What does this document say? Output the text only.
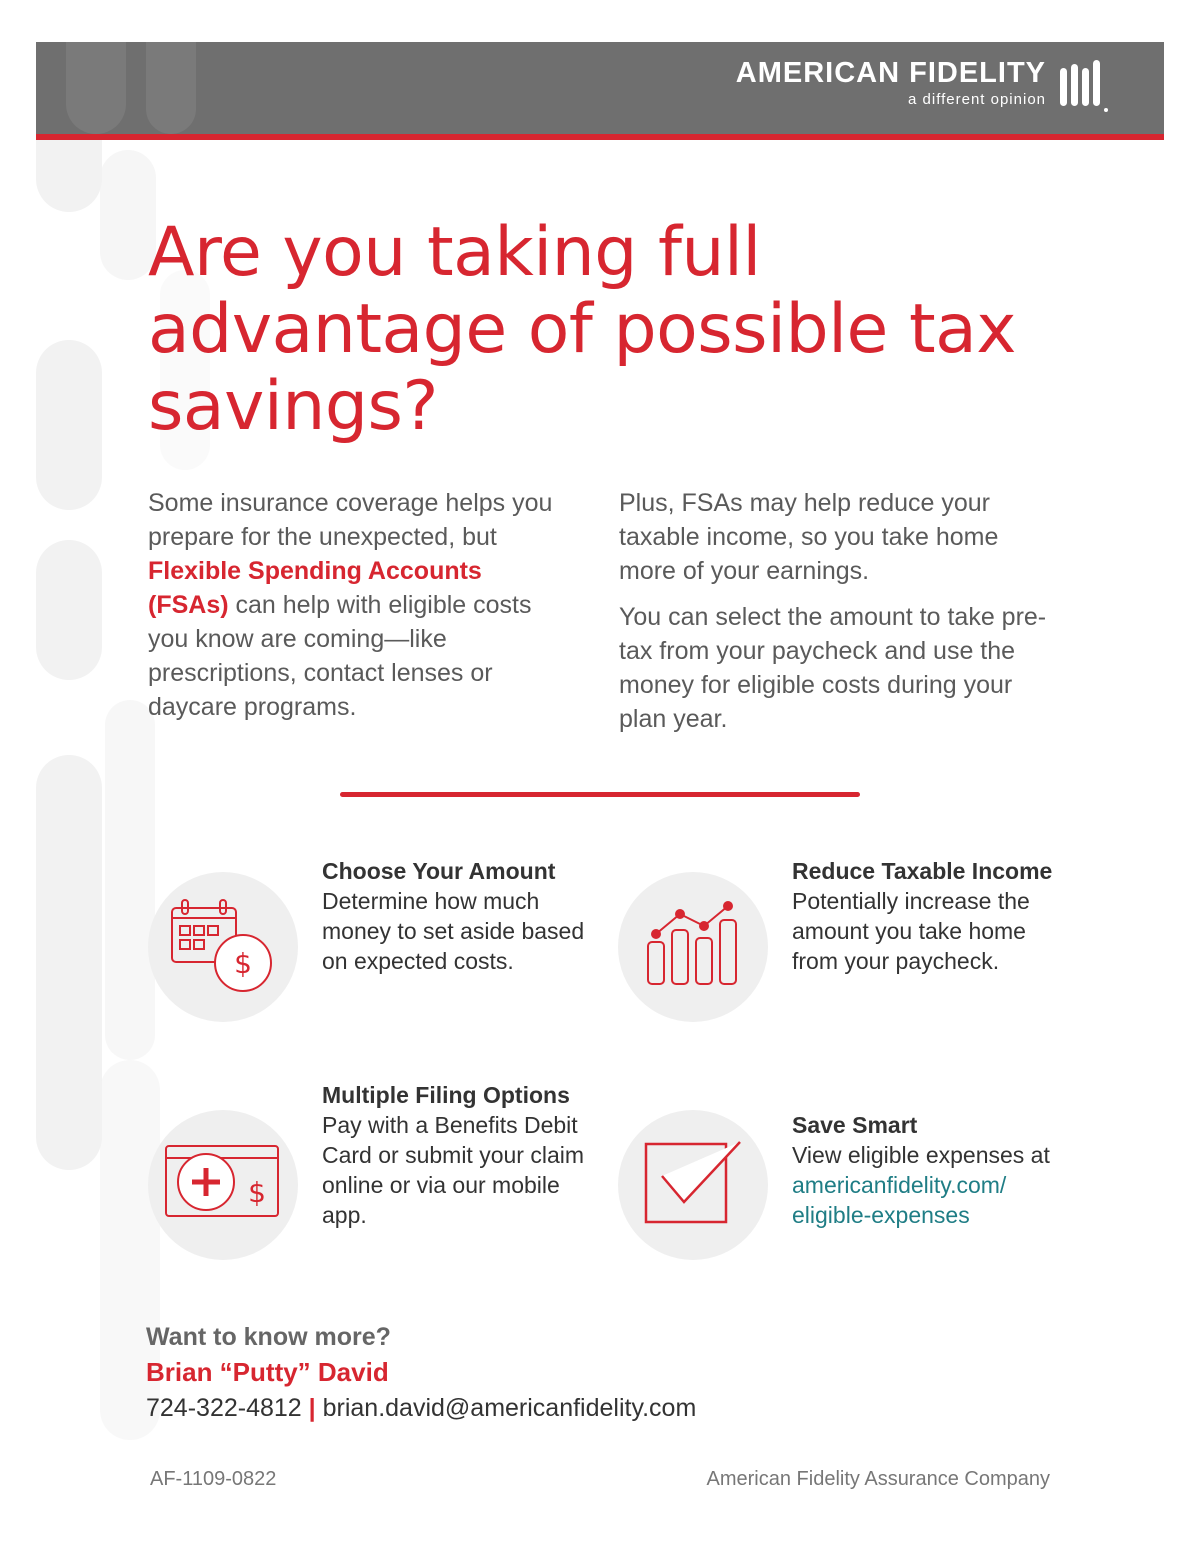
AMERICAN FIDELITY
a different opinion
Are you taking full advantage of possible tax savings?

Some insurance coverage helps you prepare for the unexpected, but Flexible Spending Accounts (FSAs) can help with eligible costs you know are coming—like prescriptions, contact lenses or daycare programs.

Plus, FSAs may help reduce your taxable income, so you take home more of your earnings.

You can select the amount to take pre-tax from your paycheck and use the money for eligible costs during your plan year.

$
Choose Your Amount
Determine how much money to set aside based on expected costs.
Reduce Taxable Income
Potentially increase the amount you take home from your paycheck.
$
Multiple Filing Options
Pay with a Benefits Debit Card or submit your claim online or via our mobile app.
Save Smart
View eligible expenses at
americanfidelity.com/ eligible-expenses
Want to know more?
Brian “Putty” David
724-322-4812 | brian.david@americanfidelity.com
AF-1109-0822	American Fidelity Assurance Company
